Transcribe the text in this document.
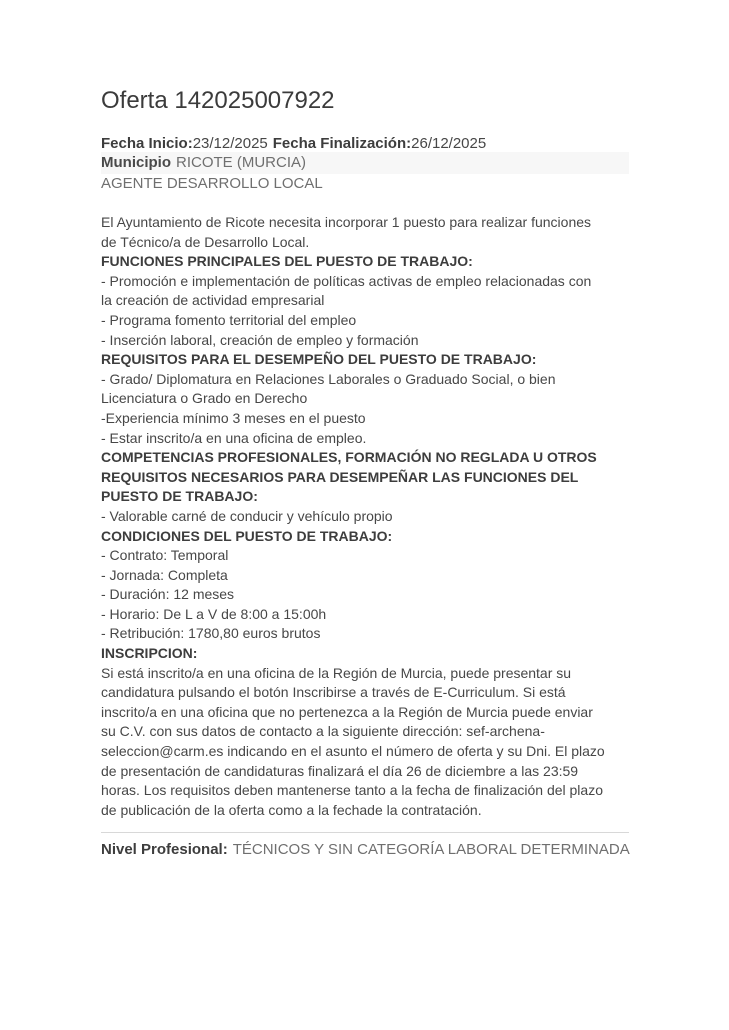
Oferta 142025007922
Fecha Inicio:23/12/2025 Fecha Finalización:26/12/2025
Municipio RICOTE (MURCIA)
AGENTE DESARROLLO LOCAL
El Ayuntamiento de Ricote necesita incorporar 1 puesto para realizar funciones
de Técnico/a de Desarrollo Local.
FUNCIONES PRINCIPALES DEL PUESTO DE TRABAJO:
- Promoción e implementación de políticas activas de empleo relacionadas con
la creación de actividad empresarial
- Programa fomento territorial del empleo
- Inserción laboral, creación de empleo y formación
REQUISITOS PARA EL DESEMPEÑO DEL PUESTO DE TRABAJO:
- Grado/ Diplomatura en Relaciones Laborales o Graduado Social, o bien
Licenciatura o Grado en Derecho
-Experiencia mínimo 3 meses en el puesto
- Estar inscrito/a en una oficina de empleo.
COMPETENCIAS PROFESIONALES, FORMACIÓN NO REGLADA U OTROS
REQUISITOS NECESARIOS PARA DESEMPEÑAR LAS FUNCIONES DEL
PUESTO DE TRABAJO:
- Valorable carné de conducir y vehículo propio
CONDICIONES DEL PUESTO DE TRABAJO:
- Contrato: Temporal
- Jornada: Completa
- Duración: 12 meses
- Horario: De L a V de 8:00 a 15:00h
- Retribución: 1780,80 euros brutos
INSCRIPCION:
Si está inscrito/a en una oficina de la Región de Murcia, puede presentar su
candidatura pulsando el botón Inscribirse a través de E-Curriculum. Si está
inscrito/a en una oficina que no pertenezca a la Región de Murcia puede enviar
su C.V. con sus datos de contacto a la siguiente dirección: sef-archena-
seleccion@carm.es indicando en el asunto el número de oferta y su Dni. El plazo
de presentación de candidaturas finalizará el día 26 de diciembre a las 23:59
horas. Los requisitos deben mantenerse tanto a la fecha de finalización del plazo
de publicación de la oferta como a la fechade la contratación.
Nivel Profesional: TÉCNICOS Y SIN CATEGORÍA LABORAL DETERMINADA
